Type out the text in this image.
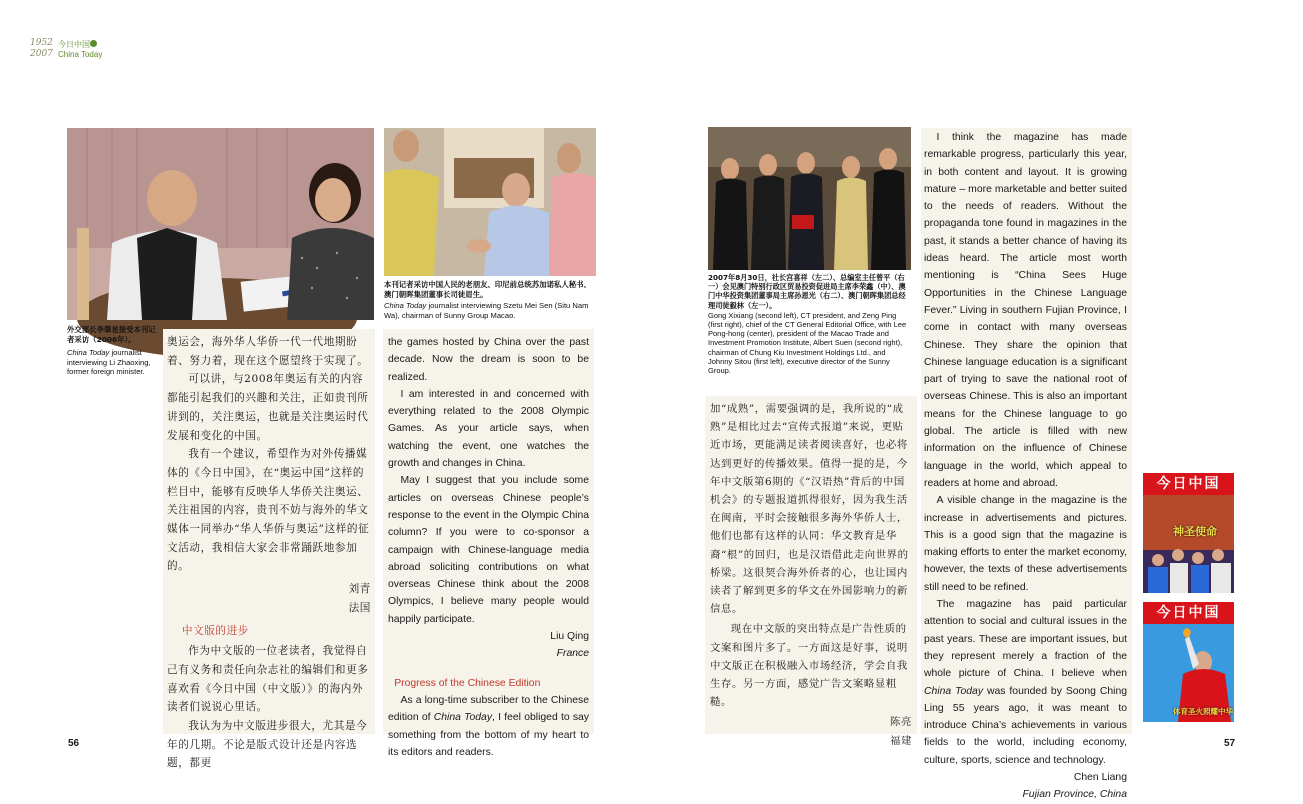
1952
2007
今日中国
China Today
外交部长李肇星接受本刊记者采访（2006年）。
China Today journalist interviewing Li Zhaoxing, former foreign minister.
本刊记者采访中国人民的老朋友、印尼前总统苏加诺私人秘书、澳门朝晖集团董事长司徒眉生。
China Today journalist interviewing Szetu Mei Sen (Situ Nam Wa), chairman of Sunny Group Macao.
2007年8月30日，社长宫喜祥（左二）、总编室主任曾平（右一）会见澳门特别行政区贸易投资促进局主席李荣鑫（中）、澳门中华投资集团董事局主席孙恩光（右二）、澳门朝晖集团总经理司徒毅林（左一）。
Gong Xixiang (second left), CT president, and Zeng Ping (first right), chief of the CT General Editorial Office, with Lee Pong-hong (center), president of the Macao Trade and Investment Promotion Institute, Albert Suen (second right), chairman of Chung Kiu Investment Holdings Ltd., and Johnny Sitou (first left), executive director of the Sunny Group.

奥运会，海外华人华侨一代一代地期盼着、努力着，现在这个愿望终于实现了。

可以讲，与2008年奥运有关的内容都能引起我们的兴趣和关注，正如贵刊所讲到的，关注奥运，也就是关注奥运时代发展和变化的中国。

我有一个建议，希望作为对外传播媒体的《今日中国》，在“奥运中国”这样的栏目中，能够有反映华人华侨关注奥运、关注祖国的内容，贵刊不妨与海外的华文媒体一同举办“华人华侨与奥运”这样的征文活动，我相信大家会非常踊跃地参加的。

刘青

法国

中文版的进步

作为中文版的一位老读者，我觉得自己有义务和责任向杂志社的编辑们和更多喜欢看《今日中国（中文版）》的海内外读者们说说心里话。

我认为为中文版进步很大，尤其是今年的几期。不论是版式设计还是内容选题，都更

the games hosted by China over the past decade. Now the dream is soon to be realized.

I am interested in and concerned with everything related to the 2008 Olympic Games. As your article says, when watching the event, one watches the growth and changes in China.

May I suggest that you include some articles on overseas Chinese people’s response to the event in the Olympic China column? If you were to co-sponsor a campaign with Chinese-language media abroad soliciting contributions on what overseas Chinese think about the 2008 Olympics, I believe many people would happily participate.

Liu Qing

France

Progress of the Chinese Edition

As a long-time subscriber to the Chinese edition of China Today, I feel obliged to say something from the bottom of my heart to its editors and readers.

加“成熟”，需要强调的是，我所说的“成熟”是相比过去“宣传式报道”来说，更贴近市场，更能满足读者阅读喜好，也必将达到更好的传播效果。值得一提的是，今年中文版第6期的《“汉语热”背后的中国机会》的专题报道抓得很好，因为我生活在闽南，平时会接触很多海外华侨人士，他们也都有这样的认同：华文教育是华裔“根”的回归，也是汉语借此走向世界的桥梁。这很契合海外侨者的心，也让国内读者了解到更多的华文在外国影响力的新信息。

现在中文版的突出特点是广告性质的文案和图片多了。一方面这是好事，说明中文版正在积极融入市场经济，学会自我生存。另一方面，感觉广告文案略显粗糙。

陈亮

福建

I think the magazine has made remarkable progress, particularly this year, in both content and layout. It is growing mature – more marketable and better suited to the needs of readers. Without the propaganda tone found in magazines in the past, it stands a better chance of having its ideas heard. The article most worth mentioning is “China Sees Huge Opportunities in the Chinese Language Fever.” Living in southern Fujian Province, I come in contact with many overseas Chinese. They share the opinion that Chinese language education is a significant part of trying to save the national root of overseas Chinese. This is also an important means for the Chinese language to go global. The article is filled with new information on the influence of Chinese language in the world, which appeal to readers at home and abroad.

A visible change in the magazine is the increase in advertisements and pictures. This is a good sign that the magazine is making efforts to enter the market economy, however, the texts of these advertisements still need to be refined.

The magazine has paid particular attention to social and cultural issues in the past years. These are important issues, but they represent merely a fraction of the whole picture of China. I believe when China Today was founded by Soong Ching Ling 55 years ago, it was meant to introduce China’s achievements in various fields to the world, including economy, culture, sports, science and technology.

Chen Liang

Fujian Province, China

今日中国
神圣使命
今日中国
体育圣火照耀中华
56	57
